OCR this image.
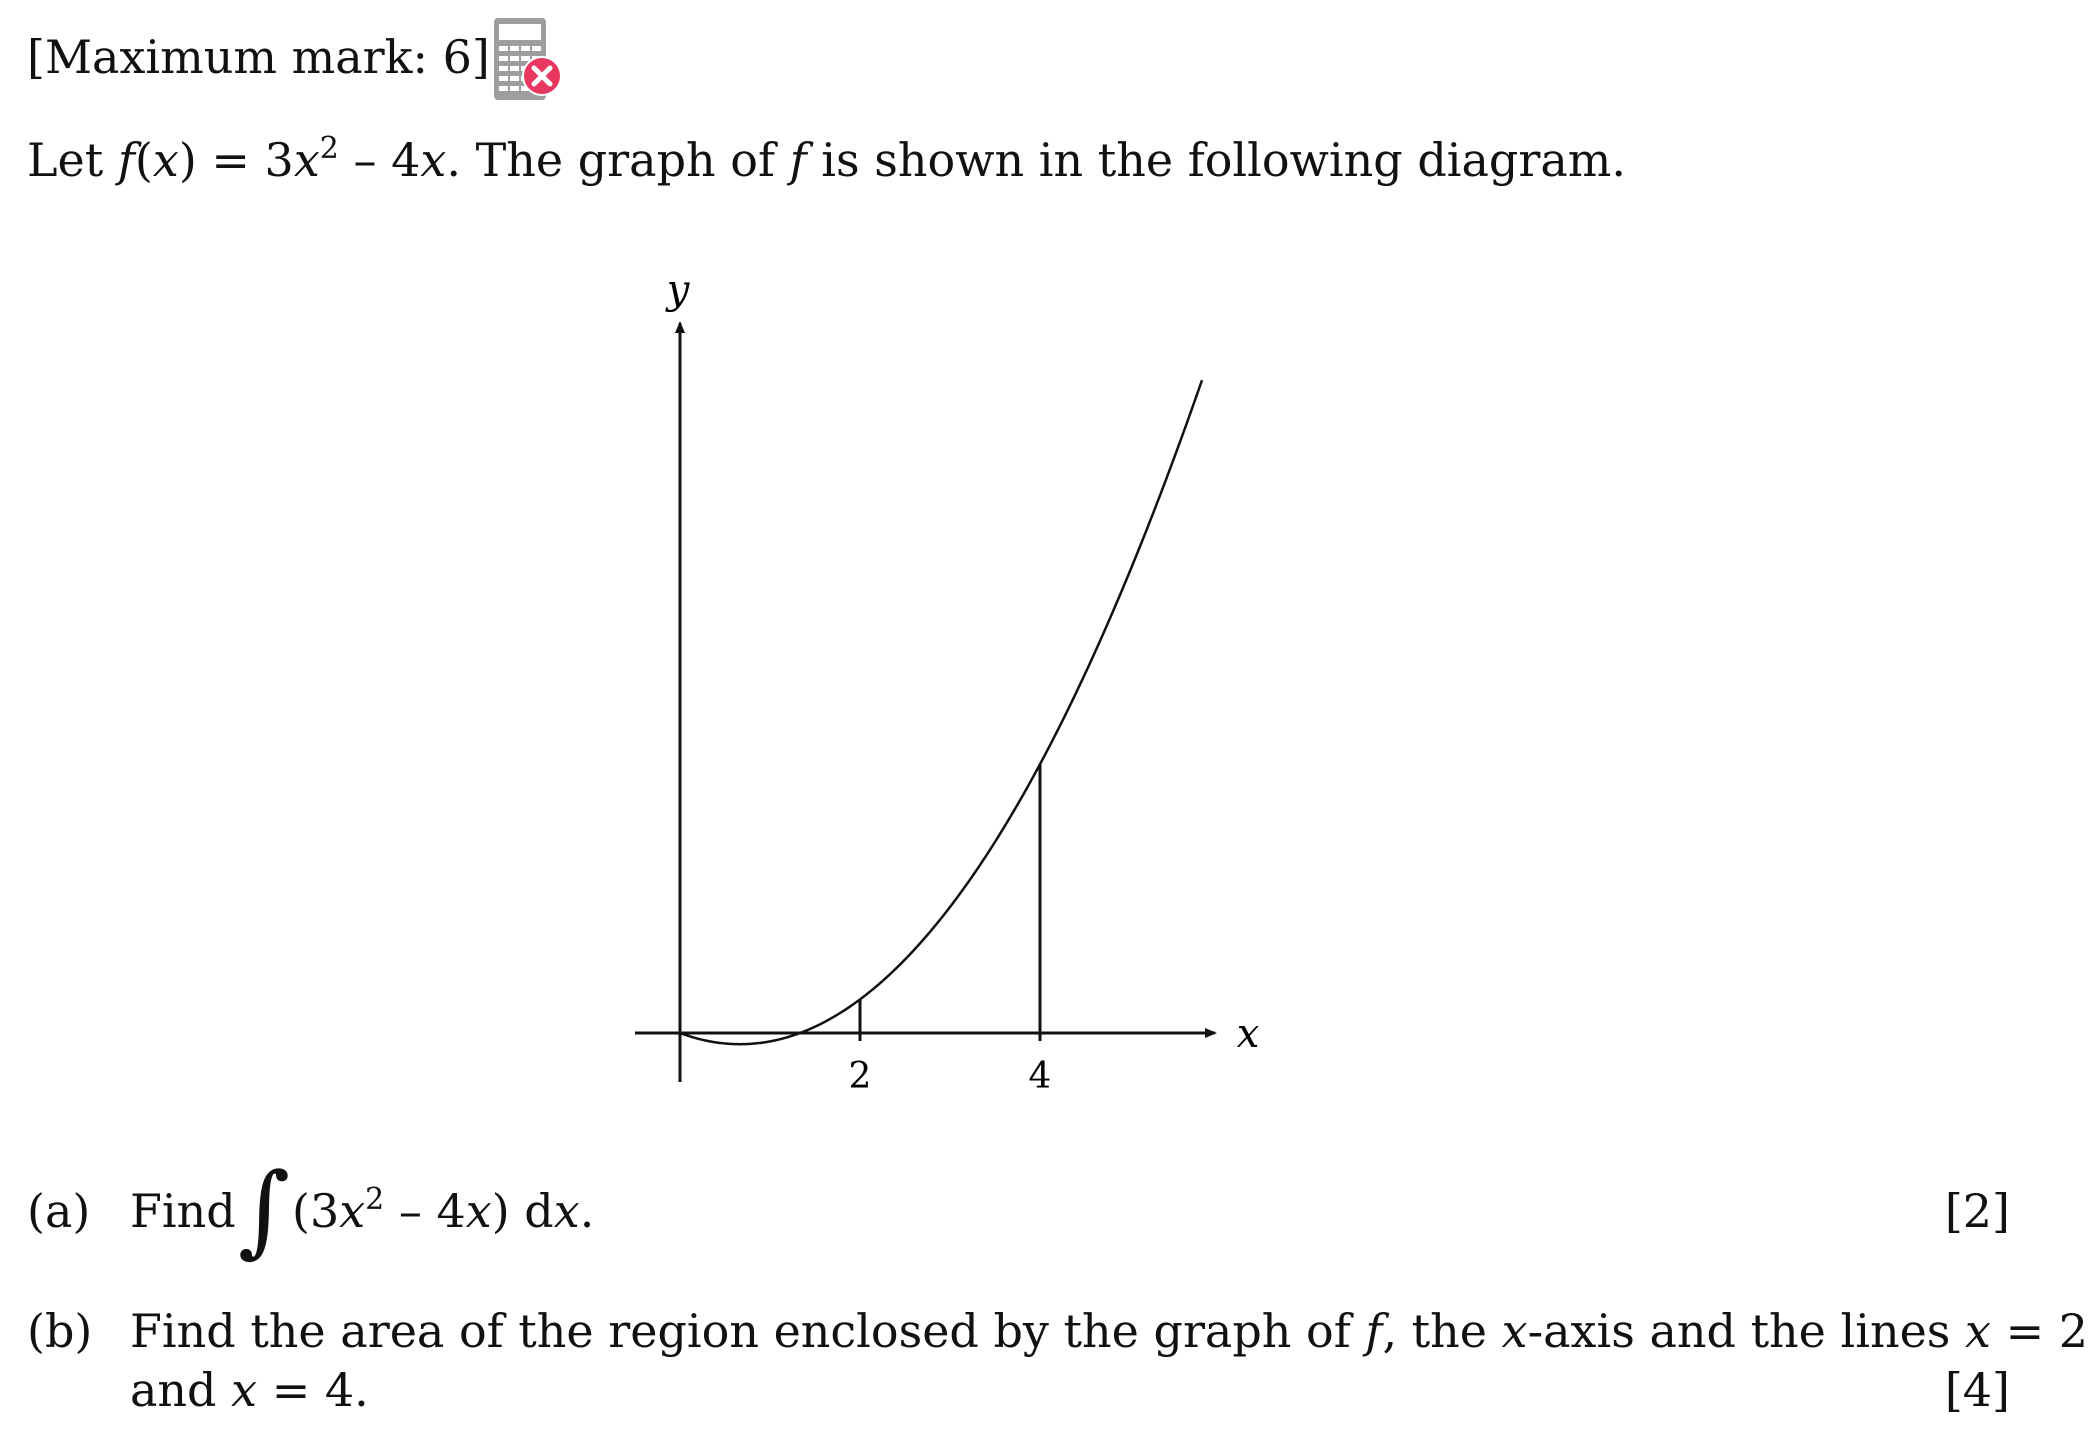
[Maximum mark: 6]
Let $f(x) = 3x^2 - 4x$. The graph of f is shown in the following diagram.
y
x
2	4
(a) Find ∫ $(3x^2 - 4x)$ dx.	[2]
(b) Find the area of the region enclosed by the graph of f, the x-axis and the lines x = 2
and x = 4.	[4]
